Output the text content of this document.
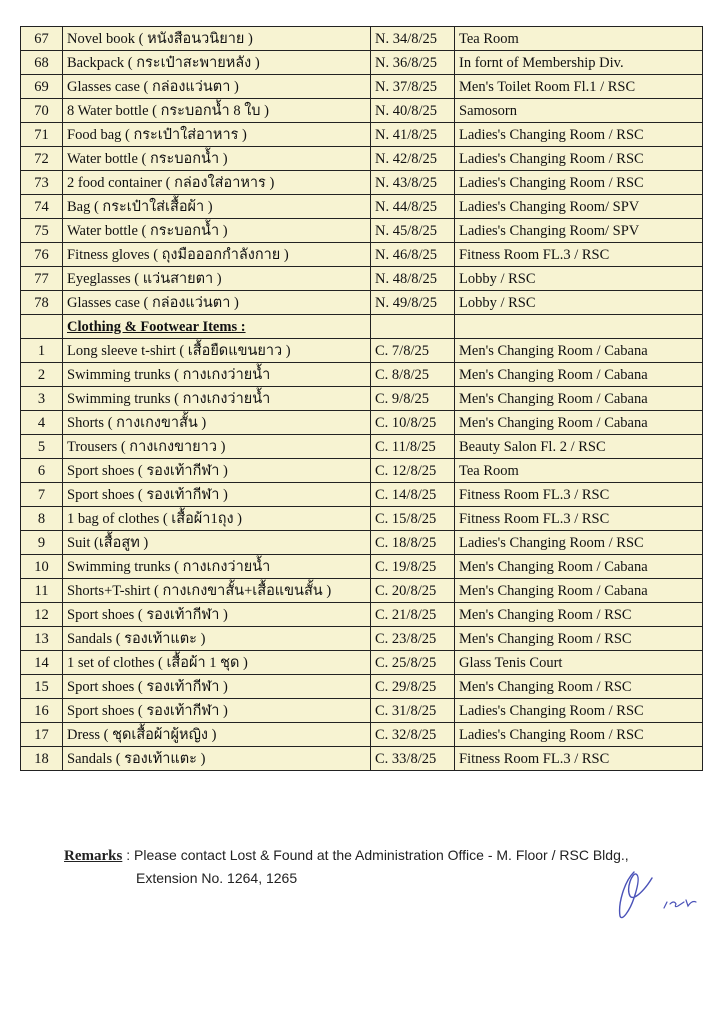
67	Novel book ( หนังสือนวนิยาย )	N. 34/8/25	Tea Room
68	Backpack ( กระเป๋าสะพายหลัง )	N. 36/8/25	In fornt of Membership Div.
69	Glasses case ( กล่องแว่นตา )	N. 37/8/25	Men's Toilet Room Fl.1 / RSC
70	8 Water bottle ( กระบอกน้ำ 8 ใบ )	N. 40/8/25	Samosorn
71	Food bag ( กระเป๋าใส่อาหาร )	N. 41/8/25	Ladies's Changing Room / RSC
72	Water bottle ( กระบอกน้ำ )	N. 42/8/25	Ladies's Changing Room / RSC
73	2 food container ( กล่องใส่อาหาร )	N. 43/8/25	Ladies's Changing Room / RSC
74	Bag ( กระเป๋าใส่เสื้อผ้า )	N. 44/8/25	Ladies's Changing Room/ SPV
75	Water bottle ( กระบอกน้ำ )	N. 45/8/25	Ladies's Changing Room/ SPV
76	Fitness gloves ( ถุงมือออกกำลังกาย )	N. 46/8/25	Fitness Room FL.3 / RSC
77	Eyeglasses ( แว่นสายตา )	N. 48/8/25	Lobby / RSC
78	Glasses case ( กล่องแว่นตา )	N. 49/8/25	Lobby / RSC
	Clothing & Footwear Items :		
1	Long sleeve t-shirt ( เสื้อยืดแขนยาว )	C. 7/8/25	Men's Changing Room / Cabana
2	Swimming trunks ( กางเกงว่ายน้ำ	C. 8/8/25	Men's Changing Room / Cabana
3	Swimming trunks ( กางเกงว่ายน้ำ	C. 9/8/25	Men's Changing Room / Cabana
4	Shorts ( กางเกงขาสั้น )	C. 10/8/25	Men's Changing Room / Cabana
5	Trousers ( กางเกงขายาว )	C. 11/8/25	Beauty Salon Fl. 2 / RSC
6	Sport shoes ( รองเท้ากีฬา )	C. 12/8/25	Tea Room
7	Sport shoes ( รองเท้ากีฬา )	C. 14/8/25	Fitness Room FL.3 / RSC
8	1 bag of clothes ( เสื้อผ้า1ถุง )	C. 15/8/25	Fitness Room FL.3 / RSC
9	Suit (เสื้อสูท )	C. 18/8/25	Ladies's Changing Room / RSC
10	Swimming trunks ( กางเกงว่ายน้ำ	C. 19/8/25	Men's Changing Room / Cabana
11	Shorts+T-shirt ( กางเกงขาสั้น+เสื้อแขนสั้น )	C. 20/8/25	Men's Changing Room / Cabana
12	Sport shoes ( รองเท้ากีฬา )	C. 21/8/25	Men's Changing Room / RSC
13	Sandals ( รองเท้าแตะ )	C. 23/8/25	Men's Changing Room / RSC
14	1 set of clothes ( เสื้อผ้า 1 ชุด )	C. 25/8/25	Glass Tenis Court
15	Sport shoes ( รองเท้ากีฬา )	C. 29/8/25	Men's Changing Room / RSC
16	Sport shoes ( รองเท้ากีฬา )	C. 31/8/25	Ladies's Changing Room / RSC
17	Dress ( ชุดเสื้อผ้าผู้หญิง )	C. 32/8/25	Ladies's Changing Room / RSC
18	Sandals ( รองเท้าแตะ )	C. 33/8/25	Fitness Room FL.3 / RSC
Remarks : Please contact Lost & Found at the Administration Office - M. Floor / RSC Bldg.,
Extension No. 1264, 1265
